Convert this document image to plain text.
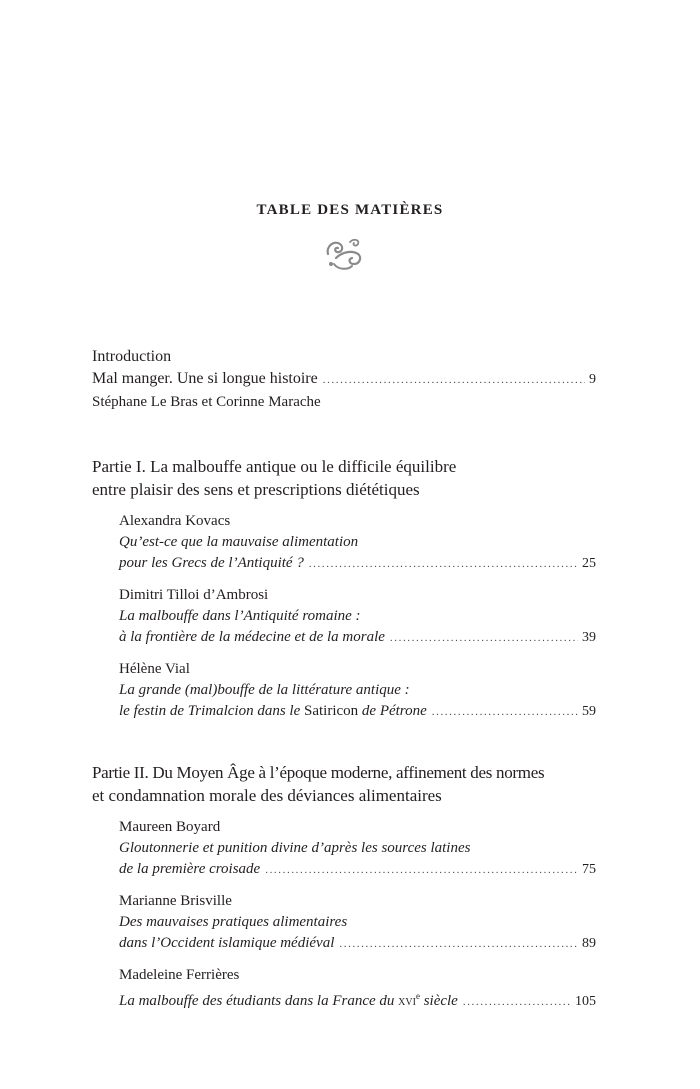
TABLE DES MATIÈRES
Introduction
Mal manger. Une si longue histoire .....	9
Stéphane Le Bras et Corinne Marache
Partie I. La malbouffe antique ou le difficile équilibre
entre plaisir des sens et prescriptions diététiques
Alexandra Kovacs
Qu’est-ce que la mauvaise alimentation
pour les Grecs de l’Antiquité ? .....	25
Dimitri Tilloi d’Ambrosi
La malbouffe dans l’Antiquité romaine :
à la frontière de la médecine et de la morale .....	39
Hélène Vial
La grande (mal)bouffe de la littérature antique :
le festin de Trimalcion dans le Satiricon de Pétrone .....	59
Partie II. Du Moyen Âge à l’époque moderne, affinement des normes
et condamnation morale des déviances alimentaires
Maureen Boyard
Gloutonnerie et punition divine d’après les sources latines
de la première croisade .....	75
Marianne Brisville
Des mauvaises pratiques alimentaires
dans l’Occident islamique médiéval .....	89
Madeleine Ferrières
La malbouffe des étudiants dans la France du xvi$^e$ siècle .....	105
